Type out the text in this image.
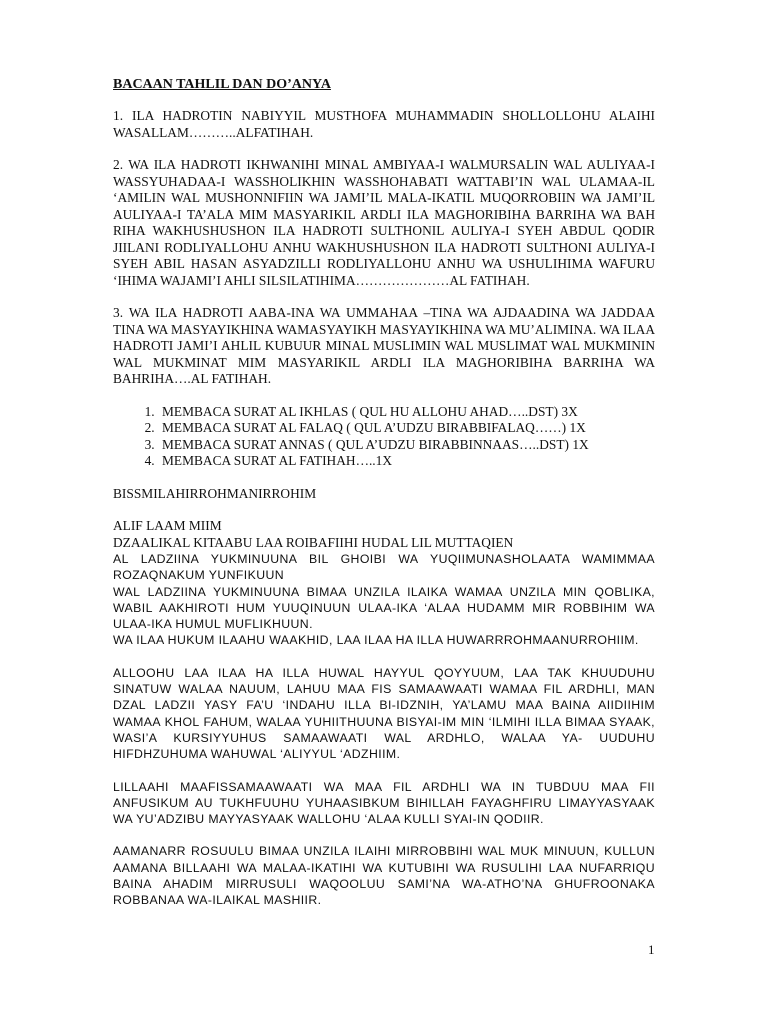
BACAAN TAHLIL DAN DO’ANYA

1. ILA HADROTIN NABIYYIL MUSTHOFA MUHAMMADIN SHOLLOLLOHU ALAIHI WASALLAM………..ALFATIHAH.

2. WA ILA HADROTI IKHWANIHI MINAL AMBIYAA-I WALMURSALIN WAL AULIYAA-I WASSYUHADAA-I WASSHOLIKHIN WASSHOHABATI WATTABI’IN WAL ULAMAA-IL ‘AMILIN WAL MUSHONNIFIIN WA JAMI’IL MALA-IKATIL MUQORROBIIN WA JAMI’IL AULIYAA-I TA’ALA MIM MASYARIKIL ARDLI ILA MAGHORIBIHA BARRIHA WA BAH RIHA WAKHUSHUSHON ILA HADROTI SULTHONIL AULIYA-I SYEH ABDUL QODIR JIILANI RODLIYALLOHU ANHU WAKHUSHUSHON ILA HADROTI SULTHONI AULIYA-I SYEH ABIL HASAN ASYADZILLI RODLIYALLOHU ANHU WA USHULIHIMA WAFURU ‘IHIMA WAJAMI’I AHLI SILSILATIHIMA…………………AL FATIHAH.

3. WA ILA HADROTI AABA-INA WA UMMAHAA –TINA WA AJDAADINA WA JADDAA TINA WA MASYAYIKHINA WAMASYAYIKH MASYAYIKHINA WA MU’ALIMINA. WA ILAA HADROTI JAMI’I AHLIL KUBUUR MINAL MUSLIMIN WAL MUSLIMAT WAL MUKMININ WAL MUKMINAT MIM MASYARIKIL ARDLI ILA MAGHORIBIHA BARRIHA WA BAHRIHA….AL FATIHAH.

1. MEMBACA SURAT AL IKHLAS ( QUL HU ALLOHU AHAD…..DST) 3X
2. MEMBACA SURAT AL FALAQ ( QUL A’UDZU BIRABBIFALAQ……) 1X
3. MEMBACA SURAT ANNAS ( QUL A’UDZU BIRABBINNAAS…..DST) 1X
4. MEMBACA SURAT AL FATIHAH…..1X

BISSMILAHIRROHMANIRROHIM

ALIF LAAM MIIM

DZAALIKAL KITAABU LAA ROIBAFIIHI HUDAL LIL MUTTAQIEN

AL LADZIINA YUKMINUUNA BIL GHOIBI WA YUQIIMUNASHOLAATA WAMIMMAA ROZAQNAKUM YUNFIKUUN

WAL LADZIINA YUKMINUUNA BIMAA UNZILA ILAIKA WAMAA UNZILA MIN QOBLIKA, WABIL AAKHIROTI HUM YUUQINUUN ULAA-IKA ‘ALAA HUDAMM MIR ROBBIHIM WA ULAA-IKA HUMUL MUFLIKHUUN.

WA ILAA HUKUM ILAAHU WAAKHID, LAA ILAA HA ILLA HUWARRROHMAANURROHIIM.

ALLOOHU LAA ILAA HA ILLA HUWAL HAYYUL QOYYUUM, LAA TAK KHUUDUHU SINATUW WALAA NAUUM, LAHUU MAA FIS SAMAAWAATI WAMAA FIL ARDHLI, MAN DZAL LADZII YASY FA’U ‘INDAHU ILLA BI-IDZNIH, YA’LAMU MAA BAINA AIIDIIHIM WAMAA KHOL FAHUM, WALAA YUHIITHUUNA BISYAI-IM MIN ‘ILMIHI ILLA BIMAA SYAAK, WASI’A KURSIYYUHUS SAMAAWAATI WAL ARDHLO, WALAA YA- UUDUHU HIFDHZUHUMA WAHUWAL ‘ALIYYUL ‘ADZHIIM.

LILLAAHI MAAFISSAMAAWAATI WA MAA FIL ARDHLI WA IN TUBDUU MAA FII ANFUSIKUM AU TUKHFUUHU YUHAASIBKUM BIHILLAH FAYAGHFIRU LIMAYYASYAAK WA YU’ADZIBU MAYYASYAAK WALLOHU ‘ALAA KULLI SYAI-IN QODIIR.

AAMANARR ROSUULU BIMAA UNZILA ILAIHI MIRROBBIHI WAL MUK MINUUN, KULLUN AAMANA BILLAAHI WA MALAA-IKATIHI WA KUTUBIHI WA RUSULIHI LAA NUFARRIQU BAINA AHADIM MIRRUSULI WAQOOLUU SAMI’NA WA-ATHO’NA GHUFROONAKA ROBBANAA WA-ILAIKAL MASHIIR.

1
